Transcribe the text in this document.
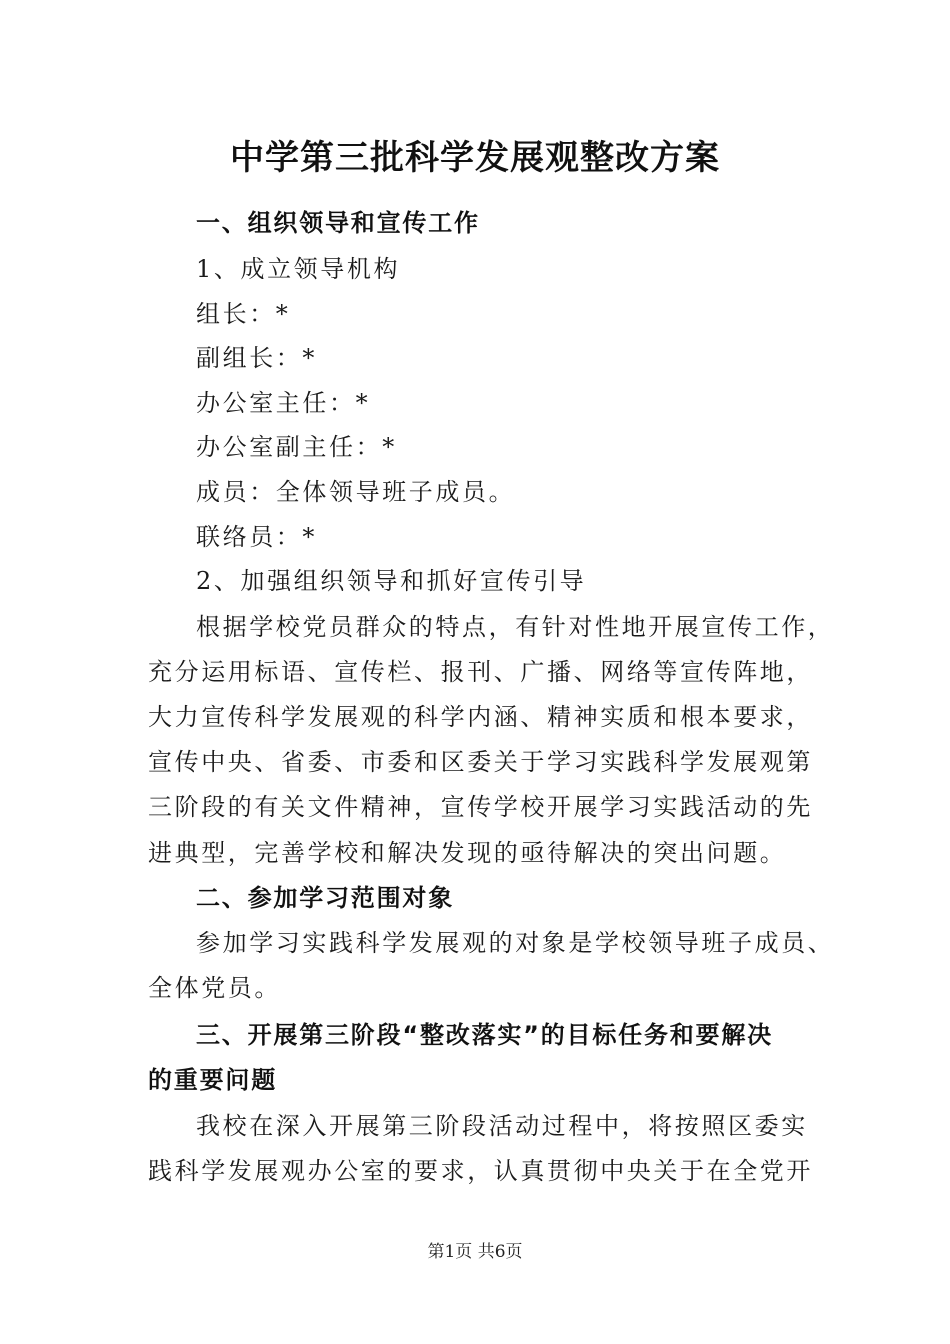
中学第三批科学发展观整改方案
一、组织领导和宣传工作
1、成立领导机构
组长：*
副组长：*
办公室主任：*
办公室副主任：*
成员：全体领导班子成员。
联络员：*
2、加强组织领导和抓好宣传引导
根据学校党员群众的特点，有针对性地开展宣传工作，
充分运用标语、宣传栏、报刊、广播、网络等宣传阵地，
大力宣传科学发展观的科学内涵、精神实质和根本要求，
宣传中央、省委、市委和区委关于学习实践科学发展观第
三阶段的有关文件精神，宣传学校开展学习实践活动的先
进典型，完善学校和解决发现的亟待解决的突出问题。
二、参加学习范围对象
参加学习实践科学发展观的对象是学校领导班子成员、
全体党员。
三、开展第三阶段“整改落实”的目标任务和要解决
的重要问题
我校在深入开展第三阶段活动过程中，将按照区委实
践科学发展观办公室的要求，认真贯彻中央关于在全党开
第1页 共6页
